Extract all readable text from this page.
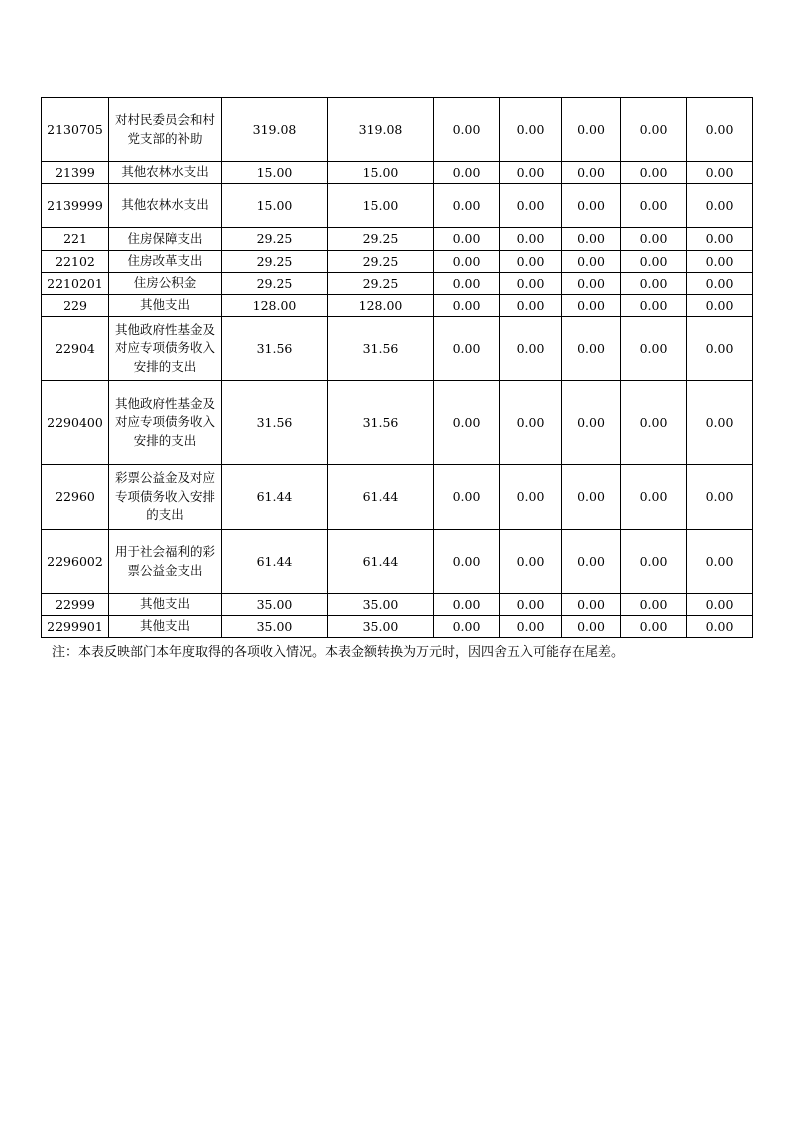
2130705	对村民委员会和村党支部的补助	319.08	319.08	0.00	0.00	0.00	0.00	0.00
21399	其他农林水支出	15.00	15.00	0.00	0.00	0.00	0.00	0.00
2139999	其他农林水支出	15.00	15.00	0.00	0.00	0.00	0.00	0.00
221	住房保障支出	29.25	29.25	0.00	0.00	0.00	0.00	0.00
22102	住房改革支出	29.25	29.25	0.00	0.00	0.00	0.00	0.00
2210201	住房公积金	29.25	29.25	0.00	0.00	0.00	0.00	0.00
229	其他支出	128.00	128.00	0.00	0.00	0.00	0.00	0.00
22904	其他政府性基金及对应专项债务收入安排的支出	31.56	31.56	0.00	0.00	0.00	0.00	0.00
2290400	其他政府性基金及对应专项债务收入安排的支出	31.56	31.56	0.00	0.00	0.00	0.00	0.00
22960	彩票公益金及对应专项债务收入安排的支出	61.44	61.44	0.00	0.00	0.00	0.00	0.00
2296002	用于社会福利的彩票公益金支出	61.44	61.44	0.00	0.00	0.00	0.00	0.00
22999	其他支出	35.00	35.00	0.00	0.00	0.00	0.00	0.00
2299901	其他支出	35.00	35.00	0.00	0.00	0.00	0.00	0.00
注：本表反映部门本年度取得的各项收入情况。本表金额转换为万元时，因四舍五入可能存在尾差。
